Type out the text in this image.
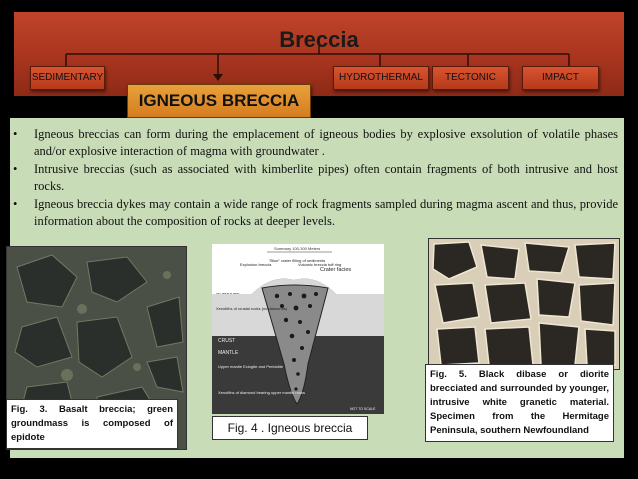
Breccia
SEDIMENTARY	HYDROTHERMAL	TECTONIC	IMPACT
IGNEOUS BRECCIA
• Igneous breccias can form during the emplacement of igneous bodies by explosive exsolution of volatile phases and/or explosive interaction of magma with groundwater .
• Intrusive breccias (such as associated with kimberlite pipes) often contain fragments of both intrusive and host rocks.
• Igneous breccia dykes may contain a wide range of rock fragments sampled during magma ascent and thus, provide information about the composition of rocks at deeper levels.
Fig. 3. Basalt breccia; green groundmass is composed of epidote
Summary 100-300 Meters
Crater facies
Explosion breccia
"Blue" crater filling of sediments
Volcanic breccia tuff ring
CRUST
MANTLE
Xenoliths of crustal rocks (no diamonds)
Upper mantle Eclogite and Peridotite
Xenoliths of diamond bearing upper mantle rocks
NOT TO SCALE
Fig. 4 . Igneous breccia
Fig. 5. Black dibase or diorite brecciated and surrounded by younger, intrusive white granetic material. Specimen from the Hermitage Peninsula, southern Newfoundland
